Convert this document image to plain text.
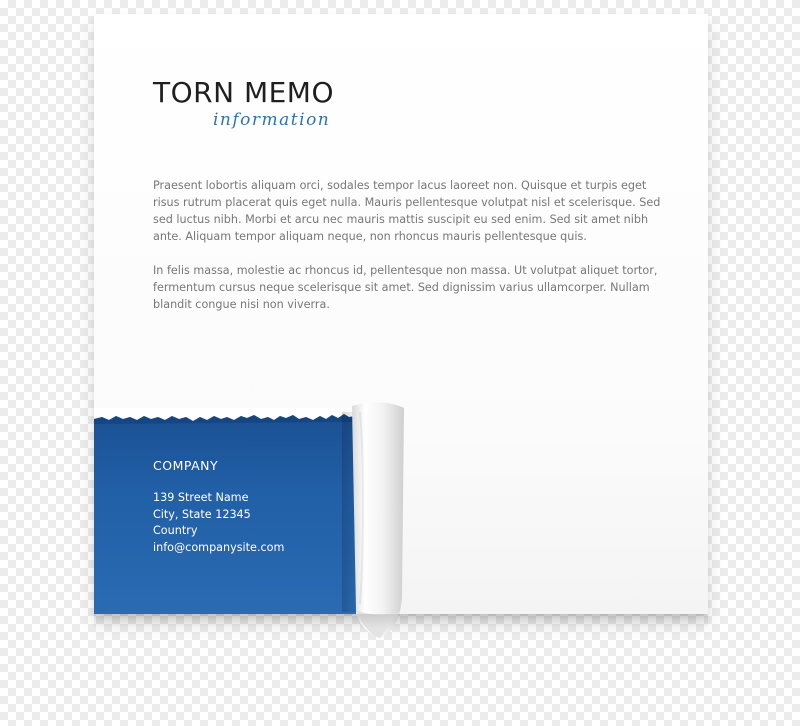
TORN MEMO
information

Praesent lobortis aliquam orci, sodales tempor lacus laoreet non. Quisque et turpis eget risus rutrum placerat quis eget nulla. Mauris pellentesque volutpat nisl et scelerisque. Sed sed luctus nibh. Morbi et arcu nec mauris mattis suscipit eu sed enim. Sed sit amet nibh ante. Aliquam tempor aliquam neque, non rhoncus mauris pellentesque quis.

In felis massa, molestie ac rhoncus id, pellentesque non massa. Ut volutpat aliquet tortor, fermentum cursus neque scelerisque sit amet. Sed dignissim varius ullamcorper. Nullam blandit congue nisi non viverra.

COMPANY
139 Street Name
City, State 12345
Country
info@companysite.com
